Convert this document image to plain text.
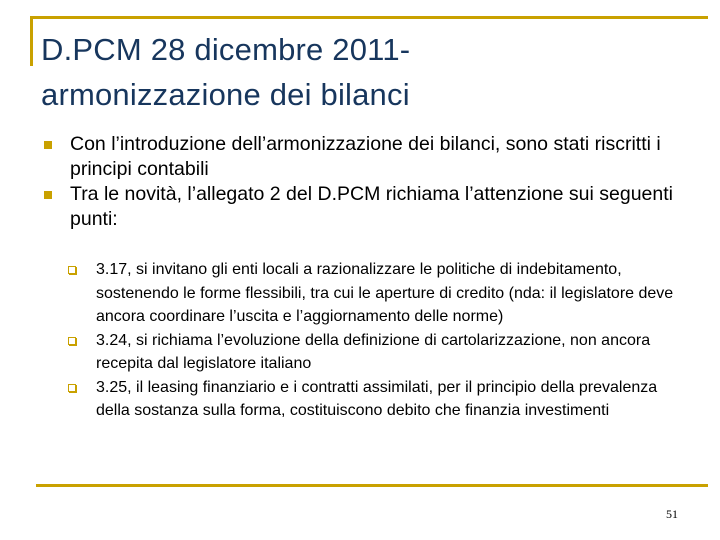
D.PCM 28 dicembre 2011-
armonizzazione dei bilanci
Con l’introduzione dell’armonizzazione dei bilanci, sono stati riscritti i principi contabili
Tra le novità, l’allegato 2 del D.PCM richiama l’attenzione sui seguenti punti:
3.17, si invitano gli enti locali a razionalizzare le politiche di indebitamento, sostenendo le forme flessibili, tra cui le aperture di credito (nda: il legislatore deve ancora coordinare l’uscita e l’aggiornamento delle norme)
3.24, si richiama l’evoluzione della definizione di cartolarizzazione, non ancora recepita dal legislatore italiano
3.25, il leasing finanziario e i contratti assimilati, per il principio della prevalenza della sostanza sulla forma, costituiscono debito che finanzia investimenti
51
